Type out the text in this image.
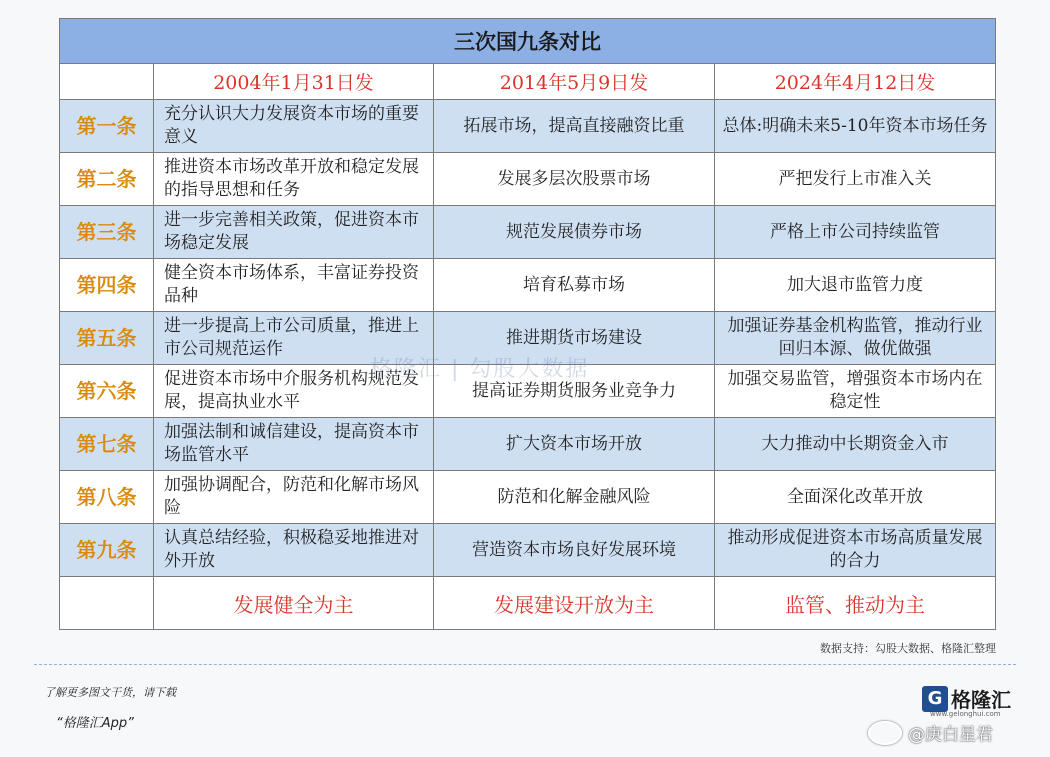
三次国九条对比			
	2004年1月31日发	2014年5月9日发	2024年4月12日发
第一条	充分认识大力发展资本市场的重要意义	拓展市场，提高直接融资比重	总体:明确未来5-10年资本市场任务
第二条	推进资本市场改革开放和稳定发展的指导思想和任务	发展多层次股票市场	严把发行上市准入关
第三条	进一步完善相关政策，促进资本市场稳定发展	规范发展债券市场	严格上市公司持续监管
第四条	健全资本市场体系，丰富证券投资品种	培育私募市场	加大退市监管力度
第五条	进一步提高上市公司质量，推进上市公司规范运作	推进期货市场建设	加强证券基金机构监管，推动行业回归本源、做优做强
第六条	促进资本市场中介服务机构规范发展，提高执业水平	提高证券期货服务业竞争力	加强交易监管，增强资本市场内在稳定性
第七条	加强法制和诚信建设，提高资本市场监管水平	扩大资本市场开放	大力推动中长期资金入市
第八条	加强协调配合，防范和化解市场风险	防范和化解金融风险	全面深化改革开放
第九条	认真总结经验，积极稳妥地推进对外开放	营造资本市场良好发展环境	推动形成促进资本市场高质量发展的合力
	发展健全为主	发展建设开放为主	监管、推动为主
格隆汇 | 勾股大数据
数据支持：勾股大数据、格隆汇整理
了解更多图文干货，请下载
“格隆汇App”
G 格隆汇
www.gelonghui.com
@庚白星君
